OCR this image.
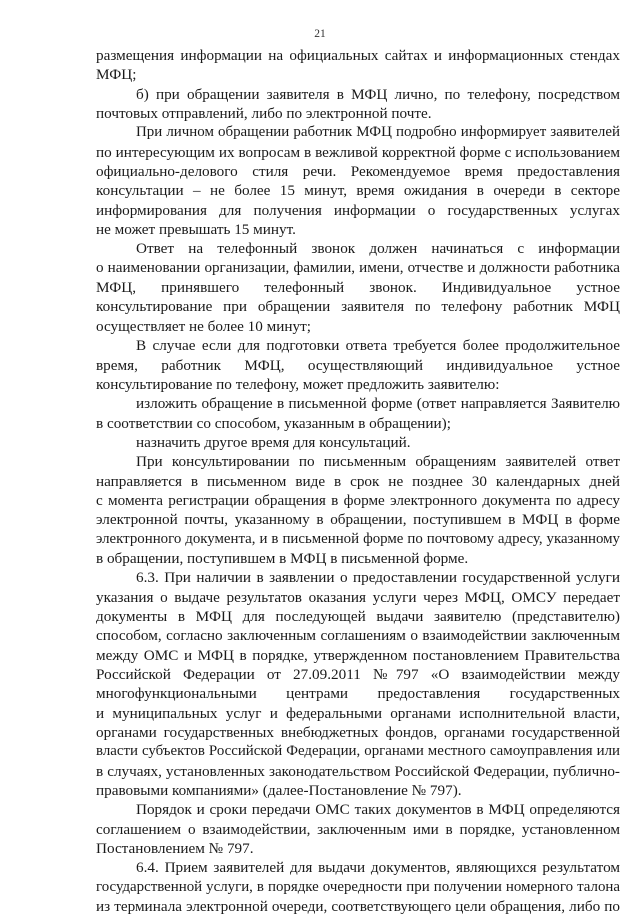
21
размещения информации на официальных сайтах и информационных стендах
МФЦ;
б) при обращении заявителя в МФЦ лично, по телефону, посредством
почтовых отправлений, либо по электронной почте.
При личном обращении работник МФЦ подробно информирует заявителей
по интересующим их вопросам в вежливой корректной форме с использованием
официально-делового стиля речи. Рекомендуемое время предоставления
консультации – не более 15 минут, время ожидания в очереди в секторе
информирования для получения информации о государственных услугах
не может превышать 15 минут.
Ответ на телефонный звонок должен начинаться с информации
о наименовании организации, фамилии, имени, отчестве и должности работника
МФЦ, принявшего телефонный звонок. Индивидуальное устное
консультирование при обращении заявителя по телефону работник МФЦ
осуществляет не более 10 минут;
В случае если для подготовки ответа требуется более продолжительное
время, работник МФЦ, осуществляющий индивидуальное устное
консультирование по телефону, может предложить заявителю:
изложить обращение в письменной форме (ответ направляется Заявителю
в соответствии со способом, указанным в обращении);
назначить другое время для консультаций.
При консультировании по письменным обращениям заявителей ответ
направляется в письменном виде в срок не позднее 30 календарных дней
с момента регистрации обращения в форме электронного документа по адресу
электронной почты, указанному в обращении, поступившем в МФЦ в форме
электронного документа, и в письменной форме по почтовому адресу, указанному
в обращении, поступившем в МФЦ в письменной форме.
6.3. При наличии в заявлении о предоставлении государственной услуги
указания о выдаче результатов оказания услуги через МФЦ, ОМСУ передает
документы в МФЦ для последующей выдачи заявителю (представителю)
способом, согласно заключенным соглашениям о взаимодействии заключенным
между ОМС и МФЦ в порядке, утвержденном постановлением Правительства
Российской Федерации от 27.09.2011 №797 «О взаимодействии между
многофункциональными центрами предоставления государственных
и муниципальных услуг и федеральными органами исполнительной власти,
органами государственных внебюджетных фондов, органами государственной
власти субъектов Российской Федерации, органами местного самоуправления или
в случаях, установленных законодательством Российской Федерации, публично-
правовыми компаниями» (далее-Постановление № 797).
Порядок и сроки передачи ОМС таких документов в МФЦ определяются
соглашением о взаимодействии, заключенным ими в порядке, установленном
Постановлением № 797.
6.4. Прием заявителей для выдачи документов, являющихся результатом
государственной услуги, в порядке очередности при получении номерного талона
из терминала электронной очереди, соответствующего цели обращения, либо по
